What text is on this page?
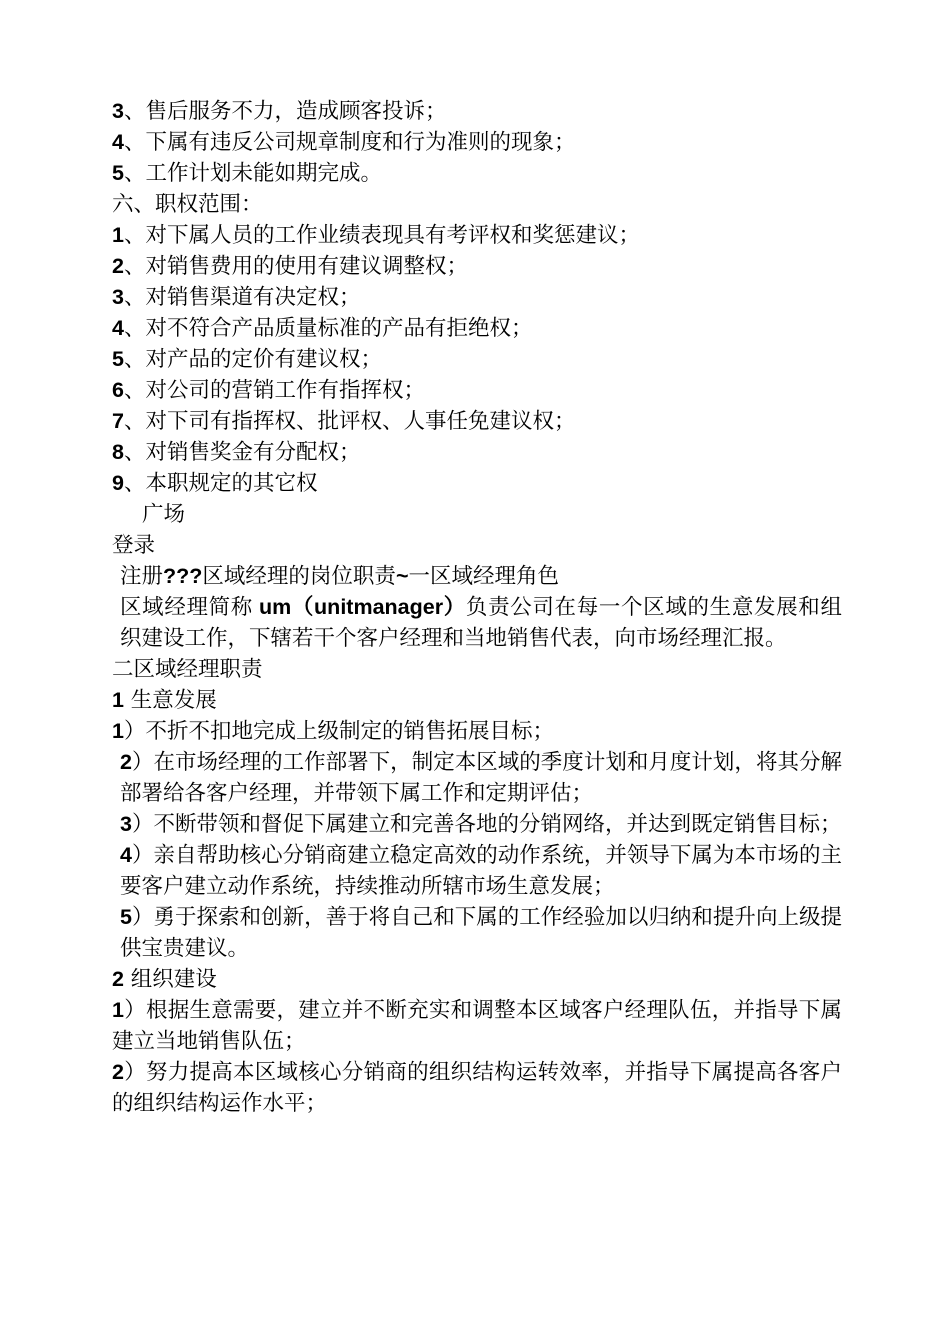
3、售后服务不力，造成顾客投诉；

4、下属有违反公司规章制度和行为准则的现象；

5、工作计划未能如期完成。

六、职权范围：

1、对下属人员的工作业绩表现具有考评权和奖惩建议；

2、对销售费用的使用有建议调整权；

3、对销售渠道有决定权；

4、对不符合产品质量标准的产品有拒绝权；

5、对产品的定价有建议权；

6、对公司的营销工作有指挥权；

7、对下司有指挥权、批评权、人事任免建议权；

8、对销售奖金有分配权；

9、本职规定的其它权

广场

登录

注册???区域经理的岗位职责~一区域经理角色

区域经理简称 um（unitmanager）负责公司在每一个区域的生意发展和组织建设工作，下辖若干个客户经理和当地销售代表，向市场经理汇报。

二区域经理职责

1 生意发展

1）不折不扣地完成上级制定的销售拓展目标；

2）在市场经理的工作部署下，制定本区域的季度计划和月度计划，将其分解部署给各客户经理，并带领下属工作和定期评估；

3）不断带领和督促下属建立和完善各地的分销网络，并达到既定销售目标；

4）亲自帮助核心分销商建立稳定高效的动作系统，并领导下属为本市场的主要客户建立动作系统，持续推动所辖市场生意发展；

5）勇于探索和创新，善于将自己和下属的工作经验加以归纳和提升向上级提供宝贵建议。

2 组织建设

1）根据生意需要，建立并不断充实和调整本区域客户经理队伍，并指导下属建立当地销售队伍；

2）努力提高本区域核心分销商的组织结构运转效率，并指导下属提高各客户的组织结构运作水平；
